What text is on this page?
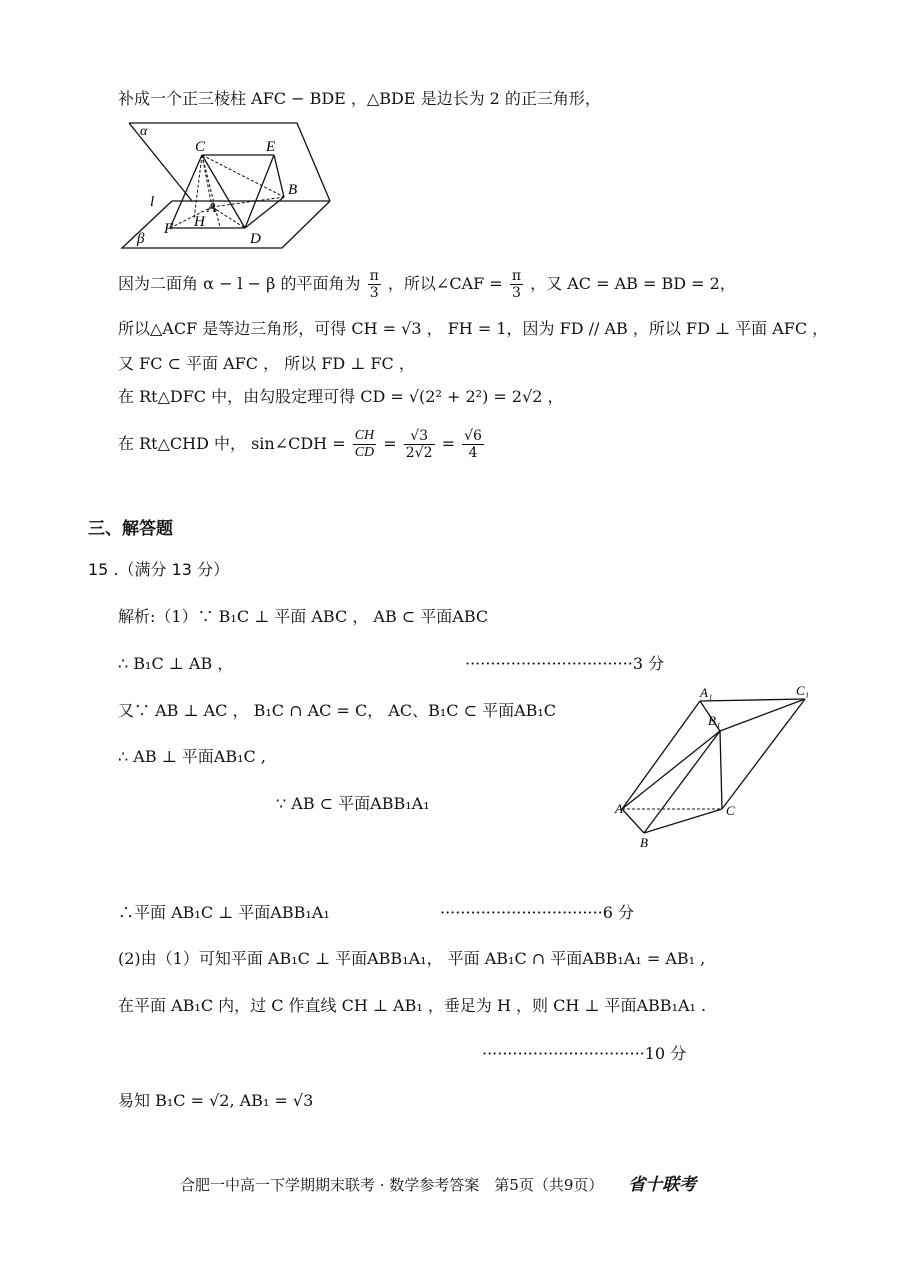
补成一个正三棱柱 AFC − BDE ，△BDE 是边长为 2 的正三角形，
α
l
β
C	E
B
F H
A
D
因为二面角 α − l − β 的平面角为 $\frac{\pi}{3}$ ，所以∠CAF = $\frac{\pi}{3}$ ，又 AC = AB = BD = 2，
所以△ACF 是等边三角形，可得 CH = √3 ， FH = 1，因为 FD // AB ，所以 FD ⊥ 平面 AFC ，
又 FC ⊂ 平面 AFC ， 所以 FD ⊥ FC ，
在 Rt△DFC 中，由勾股定理可得 CD = √(2² + 2²) = 2√2 ，
在 Rt△CHD 中， sin∠CDH = $\frac{CH}{CD} = \frac{√3}{2√2} = \frac{√6}{4}$
三、解答题
15 .（满分 13 分）
解析:（1）∵ B₁C ⊥ 平面 ABC ， AB ⊂ 平面ABC
∴ B₁C ⊥ AB ，	·································3 分
又∵ AB ⊥ AC ， B₁C ∩ AC = C， AC、B₁C ⊂ 平面AB₁C
∴ AB ⊥ 平面AB₁C ,
∵ AB ⊂ 平面ABB₁A₁
A₁	C₁
B₁
A	C
B
∴平面 AB₁C ⊥ 平面ABB₁A₁	································6 分
(2)由（1）可知平面 AB₁C ⊥ 平面ABB₁A₁， 平面 AB₁C ∩ 平面ABB₁A₁ = AB₁ ,
在平面 AB₁C 内，过 C 作直线 CH ⊥ AB₁ ，垂足为 H ，则 CH ⊥ 平面ABB₁A₁ .
································10 分
易知 B₁C = √2, AB₁ = √3
合肥一中高一下学期期末联考 · 数学参考答案　第5页（共9页） 省十联考
